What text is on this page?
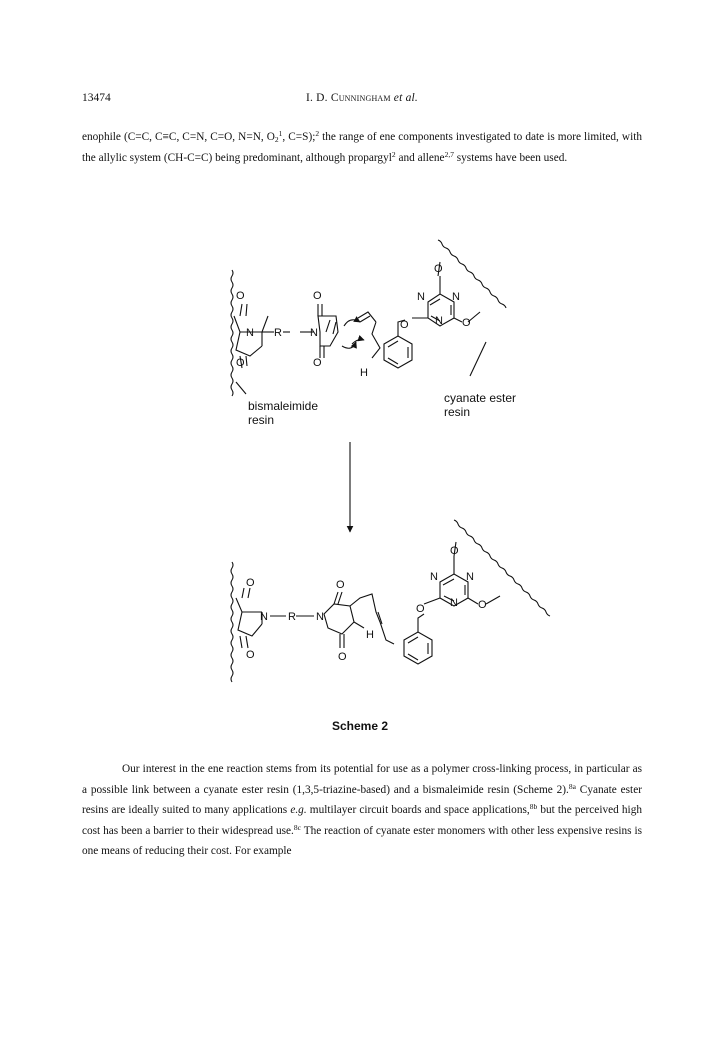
13474	I. D. Cunningham et al.
enophile (C=C, C≡C, C=N, C=O, N=N, $O_2^1$, C=S);$^2$ the range of ene components investigated to date is more limited, with the allylic system (CH-C=C) being predominant, although propargyl$^2$ and allene$^{2,7}$ systems have been used.
O	O
N R	N
O	O
H
O
O
N N
N O
bismaleimide
resin
cyanate ester
resin
O	O
N R N
O	O
H
O
O
N	N
N O
Scheme 2
Our interest in the ene reaction stems from its potential for use as a polymer cross-linking process, in particular as a possible link between a cyanate ester resin (1,3,5-triazine-based) and a bismaleimide resin (Scheme 2).$^{8a}$ Cyanate ester resins are ideally suited to many applications e.g. multilayer circuit boards and space applications,$^{8b}$ but the perceived high cost has been a barrier to their widespread use.$^{8c}$ The reaction of cyanate ester monomers with other less expensive resins is one means of reducing their cost. For example
